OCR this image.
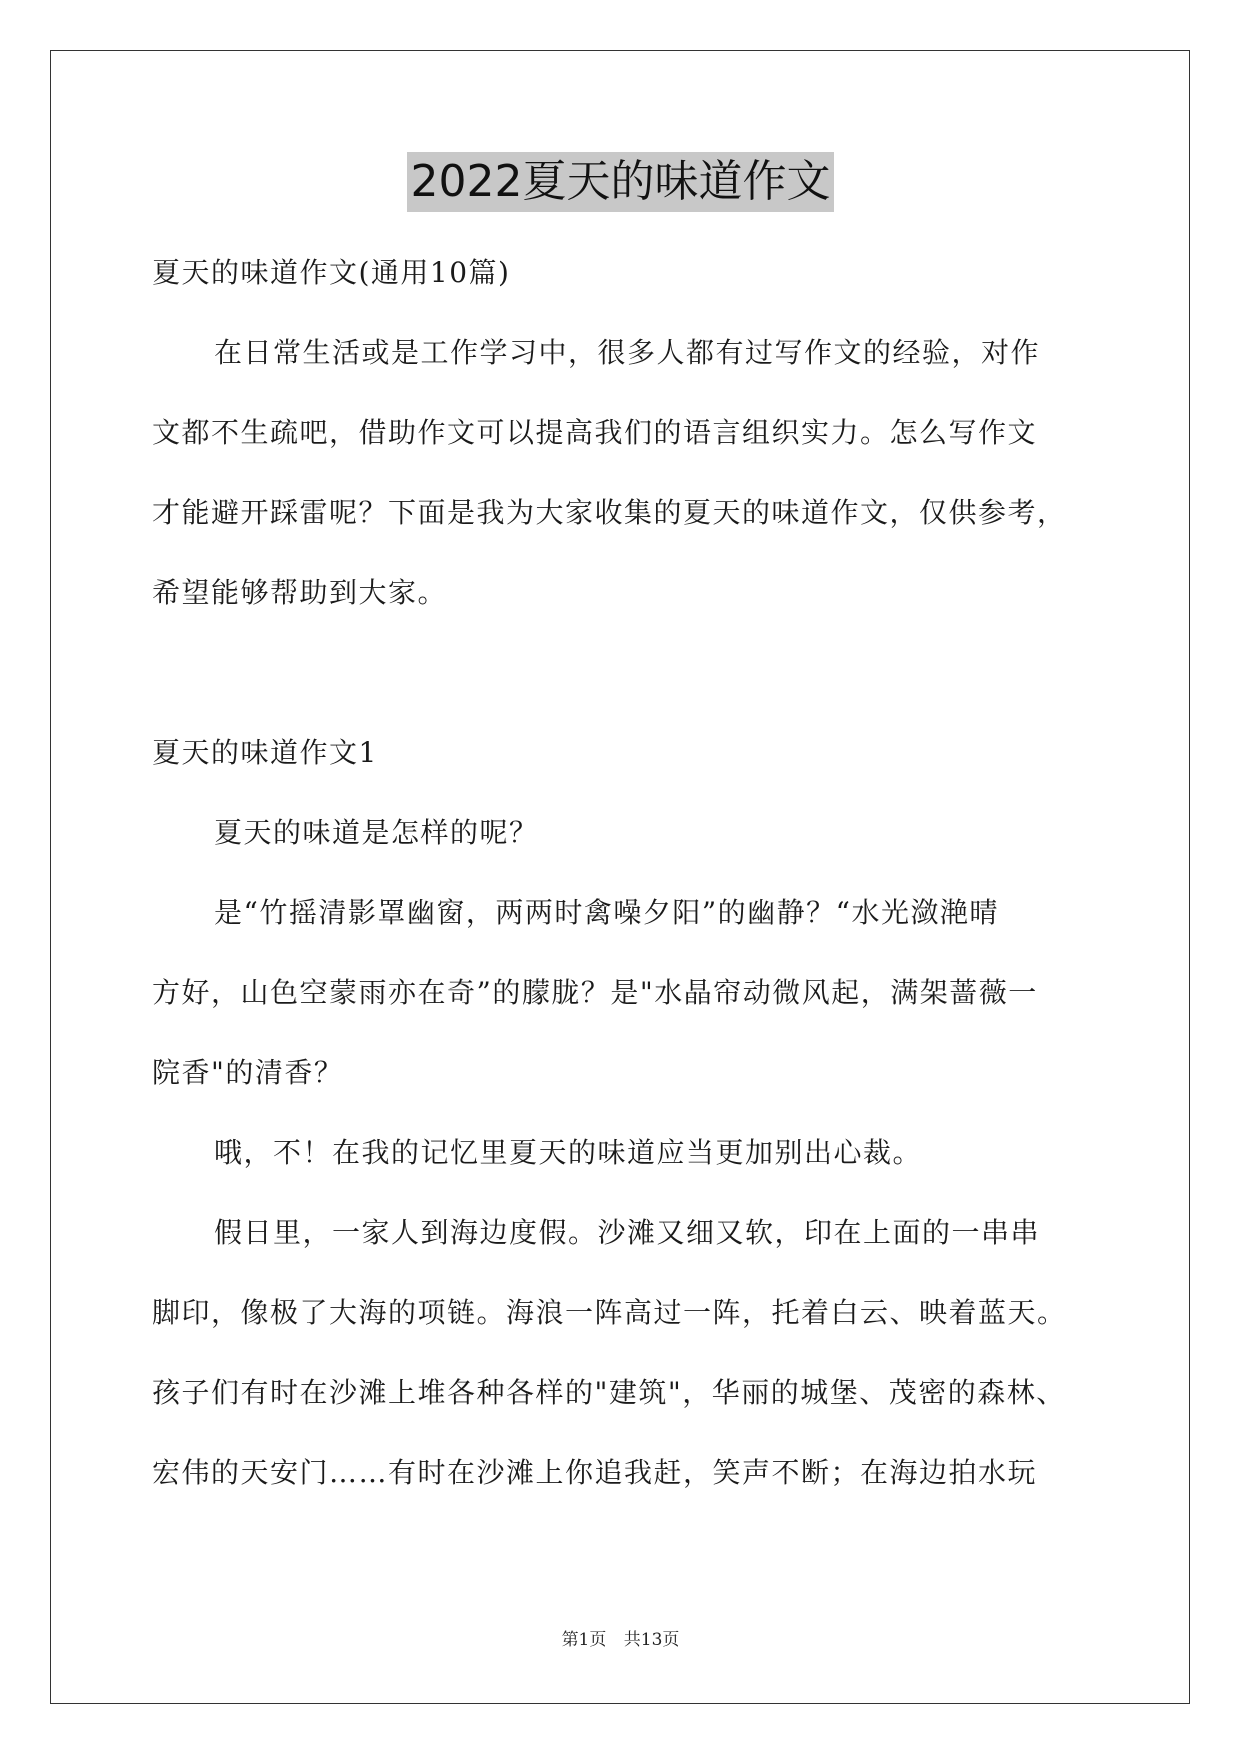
2022夏天的味道作文
夏天的味道作文(通用10篇)
在日常生活或是工作学习中，很多人都有过写作文的经验，对作
文都不生疏吧，借助作文可以提高我们的语言组织实力。怎么写作文
才能避开踩雷呢？下面是我为大家收集的夏天的味道作文，仅供参考，
希望能够帮助到大家。
夏天的味道作文1
夏天的味道是怎样的呢？
是“竹摇清影罩幽窗，两两时禽噪夕阳”的幽静？“水光潋滟晴
方好，山色空蒙雨亦在奇”的朦胧？是"水晶帘动微风起，满架蔷薇一
院香"的清香？
哦，不！在我的记忆里夏天的味道应当更加别出心裁。
假日里，一家人到海边度假。沙滩又细又软，印在上面的一串串
脚印，像极了大海的项链。海浪一阵高过一阵，托着白云、映着蓝天。
孩子们有时在沙滩上堆各种各样的"建筑"，华丽的城堡、茂密的森林、
宏伟的天安门……有时在沙滩上你追我赶，笑声不断；在海边拍水玩
第1页 共13页
